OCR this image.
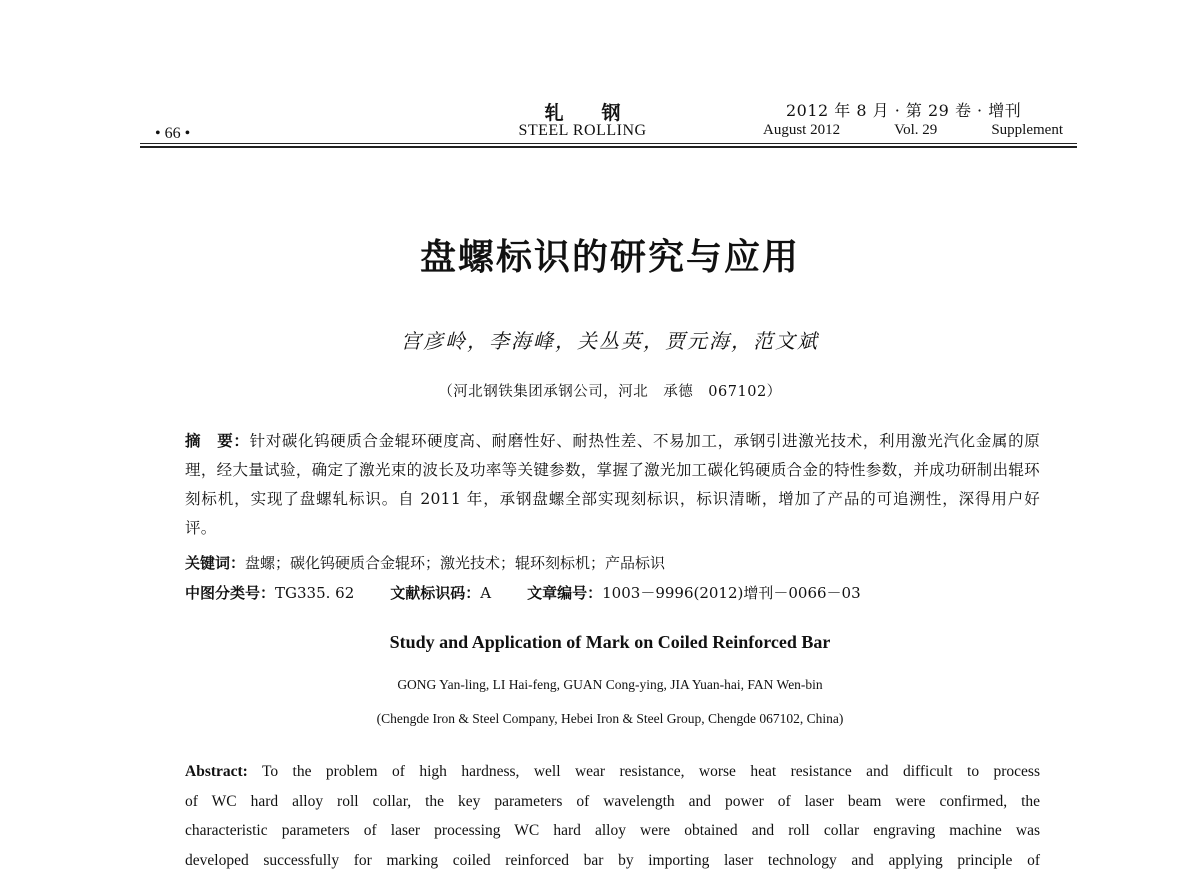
轧钢
STEEL ROLLING
2012 年 8 月 · 第 29 卷 · 增刊
August 2012	Vol. 29	Supplement
• 66 •
盘螺标识的研究与应用
宫彦岭，李海峰，关丛英，贾元海，范文斌
（河北钢铁集团承钢公司，河北　承德　067102）
摘　要：针对碳化钨硬质合金辊环硬度高、耐磨性好、耐热性差、不易加工，承钢引进激光技术，利用激光汽化金属的原理，经大量试验，确定了激光束的波长及功率等关键参数，掌握了激光加工碳化钨硬质合金的特性参数，并成功研制出辊环刻标机，实现了盘螺轧标识。自 2011 年，承钢盘螺全部实现刻标识，标识清晰，增加了产品的可追溯性，深得用户好评。
关键词：盘螺；碳化钨硬质合金辊环；激光技术；辊环刻标机；产品标识
中图分类号：TG335. 62 文献标识码：A 文章编号：1003－9996(2012)增刊－0066－03
Study and Application of Mark on Coiled Reinforced Bar
GONG Yan-ling, LI Hai-feng, GUAN Cong-ying, JIA Yuan-hai, FAN Wen-bin
(Chengde Iron & Steel Company, Hebei Iron & Steel Group, Chengde 067102, China)
Abstract: To the problem of high hardness, well wear resistance, worse heat resistance and difficult to process
of WC hard alloy roll collar, the key parameters of wavelength and power of laser beam were confirmed, the
characteristic parameters of laser processing WC hard alloy were obtained and roll collar engraving machine was
developed successfully for marking coiled reinforced bar by importing laser technology and applying principle of
